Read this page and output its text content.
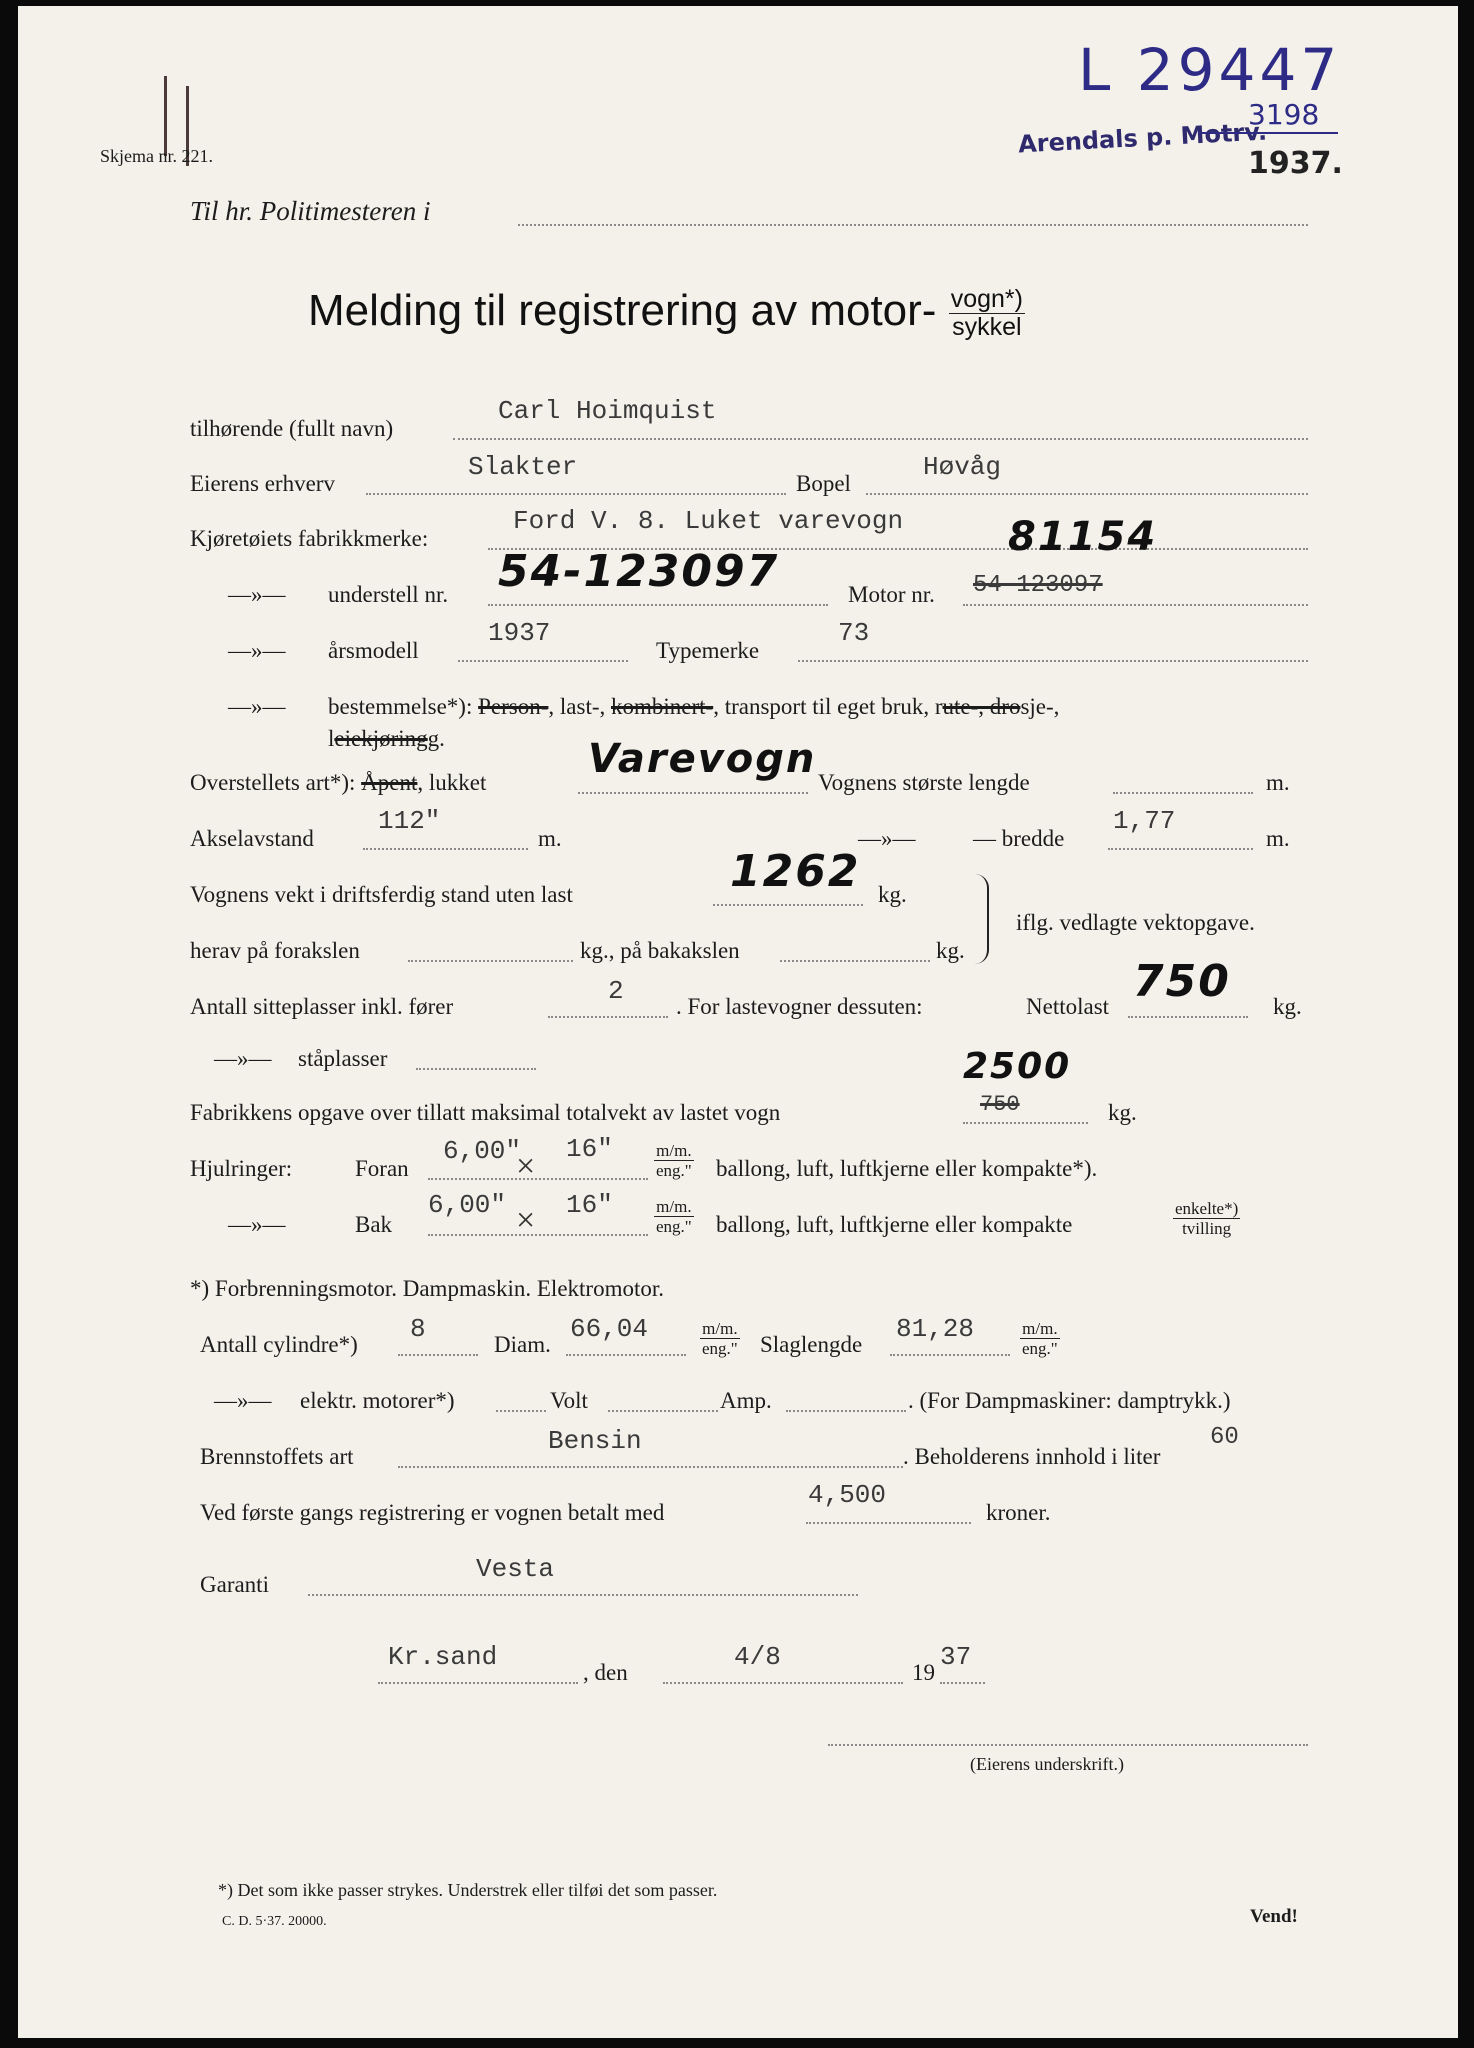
Skjema nr. 221.
L 29447
Arendals p. Motrv.
3198
1937.
Til hr. Politimesteren i
Melding til registrering av motor- $\frac{\text{vogn*)}}{\text{sykkel}}$
tilhørende (fullt navn)
Carl Hoimquist
Eierens erhverv
Slakter
Bopel
Høvåg
Kjøretøiets fabrikkmerke:
Ford V. 8. Luket varevogn
—»— understell nr. 54-123097	Motor nr. 54-123097
81154
—»— årsmodell
1937
Typemerke
73
—»— bestemmelse*): Person-, last-, kombinert-, transport til eget bruk, rute-, drosje-,
leiekjøringg.
Overstellets art*): Åpent, lukket
Varevogn
Vognens største lengde	m.
Akselavstand
112"
m.	—»—	— bredde
1,77
m.
Vognens vekt i driftsferdig stand uten last	1262 kg.
herav på forakslen	kg., på bakakslen	kg.
iflg. vedlagte vektopgave.
Antall sitteplasser inkl. fører
2
. For lastevogner dessuten:	Nettolast 750 kg.
—»— ståplasser
Fabrikkens opgave over tillatt maksimal totalvekt av lastet vogn	750
2500
kg.
Hjulringer:	Foran
6,00"
× 16" $\frac{m/m.}{\text{eng."}}$ ballong, luft, luftkjerne eller kompakte*).
—»—	Bak
6,00" × 16" $\frac{m/m.}{\text{eng."}}$ ballong, luft, luftkjerne eller kompakte	$\frac{\text{enkelte*)}}{\text{tvilling}}$
*) Forbrenningsmotor. Dampmaskin. Elektromotor.
Antall cylindre*)
8
Diam.
66,04	$\frac{m/m.}{\text{eng."}}$ Slaglengde
81,28	$\frac{m/m.}{\text{eng."}}$
—»— elektr. motorer*)	Volt	Amp.	. (For Dampmaskiner: damptrykk.)
Brennstoffets art
Bensin
. Beholderens innhold i liter
60
Ved første gangs registrering er vognen betalt med
4,500
kroner.
Garanti
Vesta
Kr.sand
, den
4/8
19
37
(Eierens underskrift.)
*) Det som ikke passer strykes. Understrek eller tilføi det som passer.
C. D. 5·37. 20000.	Vend!
